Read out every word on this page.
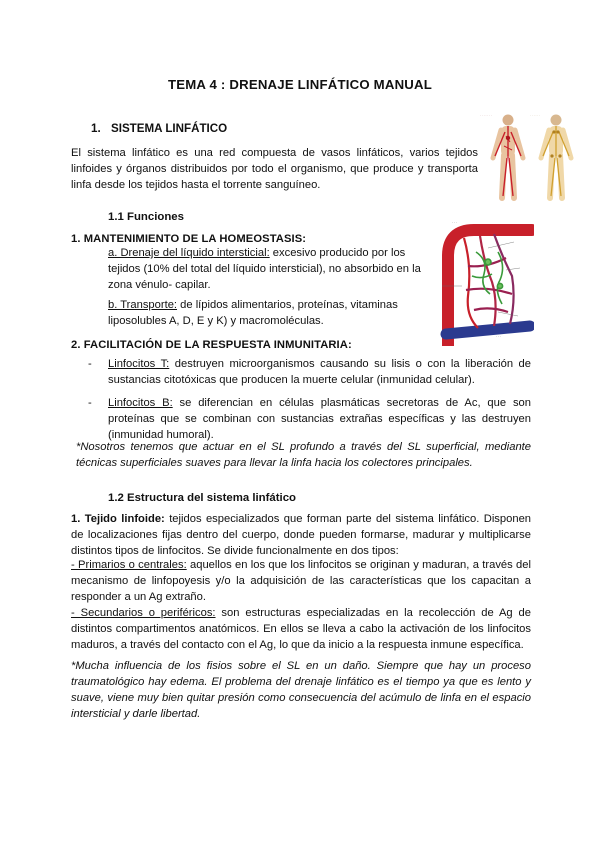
TEMA 4 : DRENAJE LINFÁTICO MANUAL
1. SISTEMA LINFÁTICO
· · · · · · ·	· · · · · ·
El sistema linfático es una red compuesta de vasos linfáticos, varios tejidos linfoides y órganos distribuidos por todo el organismo, que produce y transporta linfa desde los tejidos hasta el torrente sanguíneo.
1.1 Funciones	· · ·
· · ·
1. MANTENIMIENTO DE LA HOMEOSTASIS:
a. Drenaje del líquido intersticial: excesivo producido por los tejidos (10% del total del líquido intersticial), no absorbido en la zona vénulo- capilar.
b. Transporte: de lípidos alimentarios, proteínas, vitaminas liposolubles A, D, E y K) y macromoléculas.
2. FACILITACIÓN DE LA RESPUESTA INMUNITARIA:
-	Linfocitos T: destruyen microorganismos causando su lisis o con la liberación de sustancias citotóxicas que producen la muerte celular (inmunidad celular).
-	Linfocitos B: se diferencian en células plasmáticas secretoras de Ac, que son proteínas que se combinan con sustancias extrañas específicas y las destruyen (inmunidad humoral).
*Nosotros tenemos que actuar en el SL profundo a través del SL superficial, mediante técnicas superficiales suaves para llevar la linfa hacia los colectores principales.
1.2 Estructura del sistema linfático
1. Tejido linfoide: tejidos especializados que forman parte del sistema linfático. Disponen de localizaciones fijas dentro del cuerpo, donde pueden formarse, madurar y multiplicarse distintos tipos de linfocitos. Se divide funcionalmente en dos tipos:
- Primarios o centrales: aquellos en los que los linfocitos se originan y maduran, a través del mecanismo de linfopoyesis y/o la adquisición de las características que los capacitan a responder a un Ag extraño.
- Secundarios o periféricos: son estructuras especializadas en la recolección de Ag de distintos compartimentos anatómicos. En ellos se lleva a cabo la activación de los linfocitos maduros, a través del contacto con el Ag, lo que da inicio a la respuesta inmune específica.
*Mucha influencia de los fisios sobre el SL en un daño. Siempre que hay un proceso traumatológico hay edema. El problema del drenaje linfático es el tiempo ya que es lento y suave, viene muy bien quitar presión como consecuencia del acúmulo de linfa en el espacio intersticial y darle libertad.
